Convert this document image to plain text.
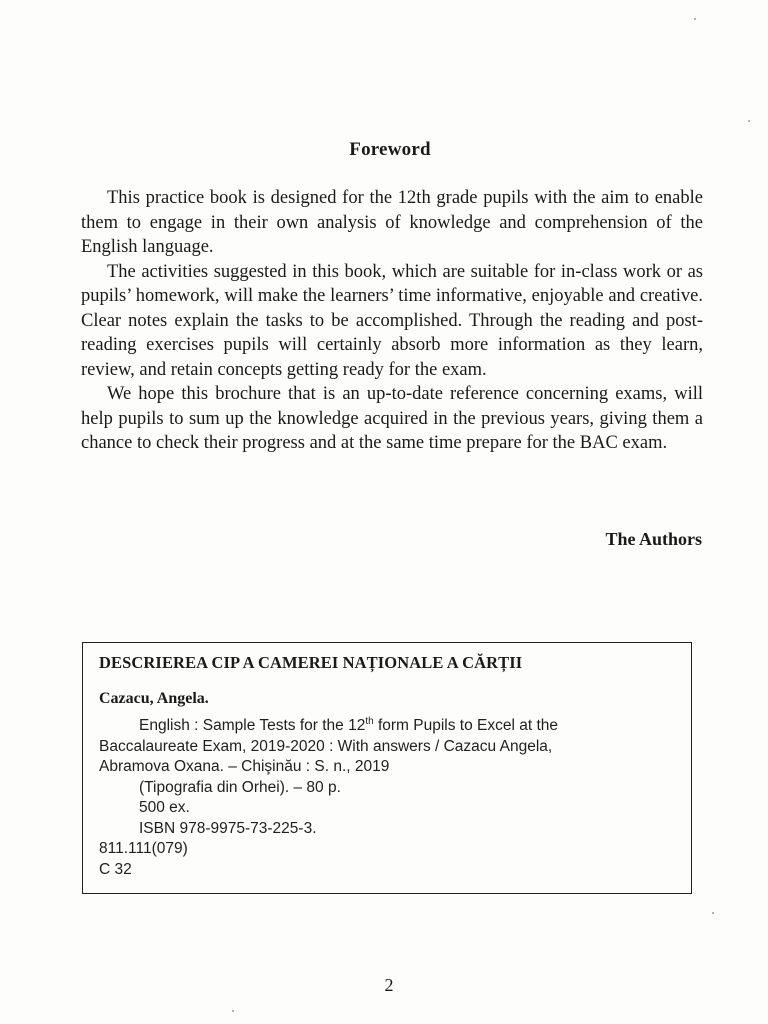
Foreword

This practice book is designed for the 12th grade pupils with the aim to enable them to engage in their own analysis of knowledge and comprehension of the English language.

The activities suggested in this book, which are suitable for in-class work or as pupils’ homework, will make the learners’ time informative, enjoyable and creative. Clear notes explain the tasks to be accomplished. Through the reading and post-reading exercises pupils will certainly absorb more information as they learn, review, and retain concepts getting ready for the exam.

We hope this brochure that is an up-to-date reference concerning exams, will help pupils to sum up the knowledge acquired in the previous years, giving them a chance to check their progress and at the same time prepare for the BAC exam.

The Authors
DESCRIEREA CIP A CAMEREI NAȚIONALE A CĂRȚII
Cazacu, Angela.
English : Sample Tests for the 12th form Pupils to Excel at the
Baccalaureate Exam, 2019-2020 : With answers / Cazacu Angela,
Abramova Oxana. – Chişinău : S. n., 2019
(Tipografia din Orhei). – 80 p.
500 ex.
ISBN 978-9975-73-225-3.
811.111(079)
C 32
2
